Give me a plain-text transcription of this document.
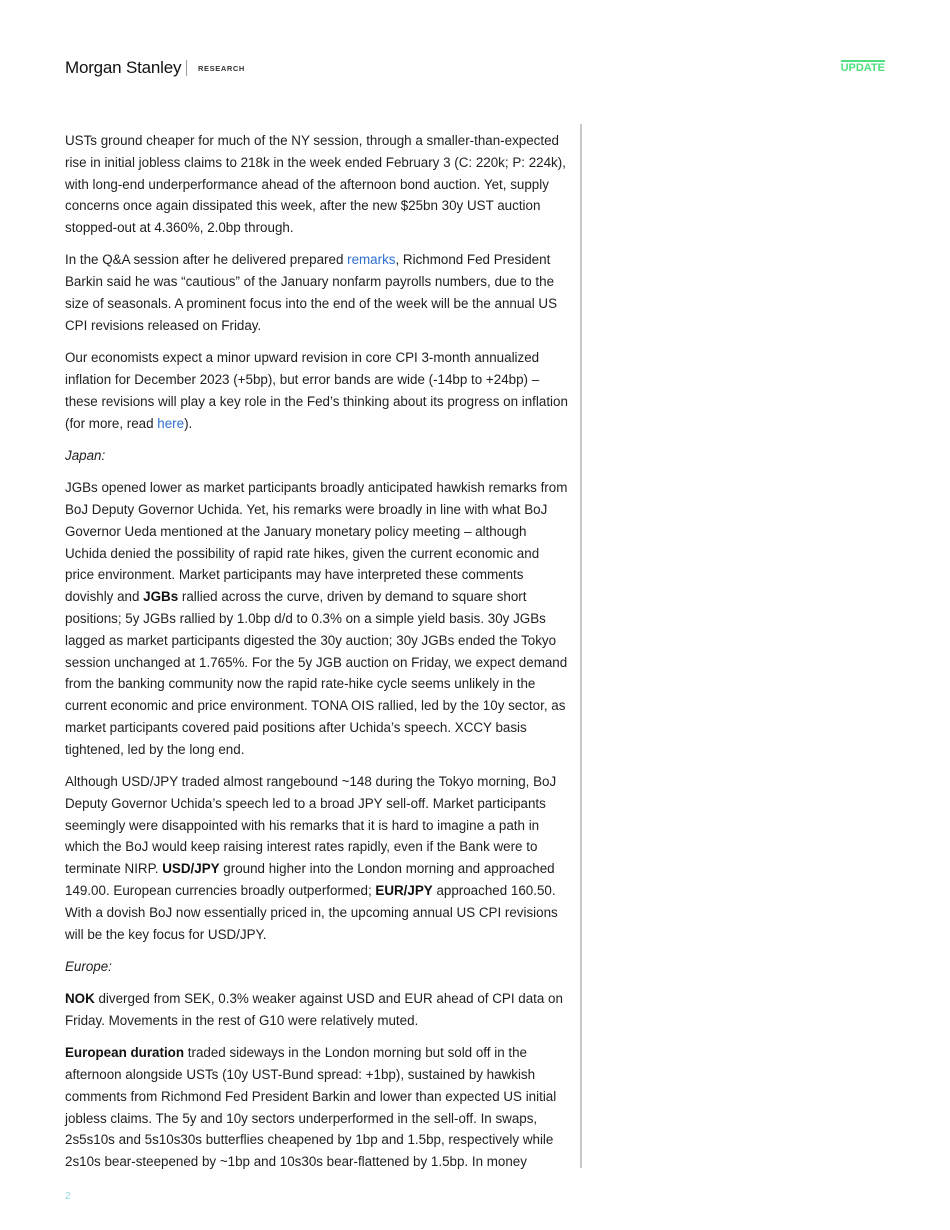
Morgan Stanley RESEARCH	UPDATE

USTs ground cheaper for much of the NY session, through a smaller-than-expected rise in initial jobless claims to 218k in the week ended February 3 (C: 220k; P: 224k), with long-end underperformance ahead of the afternoon bond auction. Yet, supply concerns once again dissipated this week, after the new $25bn 30y UST auction stopped-out at 4.360%, 2.0bp through.

In the Q&A session after he delivered prepared remarks, Richmond Fed President Barkin said he was “cautious” of the January nonfarm payrolls numbers, due to the size of seasonals. A prominent focus into the end of the week will be the annual US CPI revisions released on Friday.

Our economists expect a minor upward revision in core CPI 3-month annualized inflation for December 2023 (+5bp), but error bands are wide (-14bp to +24bp) – these revisions will play a key role in the Fed’s thinking about its progress on inflation (for more, read here).

Japan:

JGBs opened lower as market participants broadly anticipated hawkish remarks from BoJ Deputy Governor Uchida. Yet, his remarks were broadly in line with what BoJ Governor Ueda mentioned at the January monetary policy meeting – although Uchida denied the possibility of rapid rate hikes, given the current economic and price environment. Market participants may have interpreted these comments dovishly and JGBs rallied across the curve, driven by demand to square short positions; 5y JGBs rallied by 1.0bp d/d to 0.3% on a simple yield basis. 30y JGBs lagged as market participants digested the 30y auction; 30y JGBs ended the Tokyo session unchanged at 1.765%. For the 5y JGB auction on Friday, we expect demand from the banking community now the rapid rate-hike cycle seems unlikely in the current economic and price environment. TONA OIS rallied, led by the 10y sector, as market participants covered paid positions after Uchida’s speech. XCCY basis tightened, led by the long end.

Although USD/JPY traded almost rangebound ~148 during the Tokyo morning, BoJ Deputy Governor Uchida’s speech led to a broad JPY sell-off. Market participants seemingly were disappointed with his remarks that it is hard to imagine a path in which the BoJ would keep raising interest rates rapidly, even if the Bank were to terminate NIRP. USD/JPY ground higher into the London morning and approached 149.00. European currencies broadly outperformed; EUR/JPY approached 160.50. With a dovish BoJ now essentially priced in, the upcoming annual US CPI revisions will be the key focus for USD/JPY.

Europe:

NOK diverged from SEK, 0.3% weaker against USD and EUR ahead of CPI data on Friday. Movements in the rest of G10 were relatively muted.

European duration traded sideways in the London morning but sold off in the afternoon alongside USTs (10y UST-Bund spread: +1bp), sustained by hawkish comments from Richmond Fed President Barkin and lower than expected US initial jobless claims. The 5y and 10y sectors underperformed in the sell-off. In swaps, 2s5s10s and 5s10s30s butterflies cheapened by 1bp and 1.5bp, respectively while 2s10s bear-steepened by ~1bp and 10s30s bear-flattened by 1.5bp. In money

2
